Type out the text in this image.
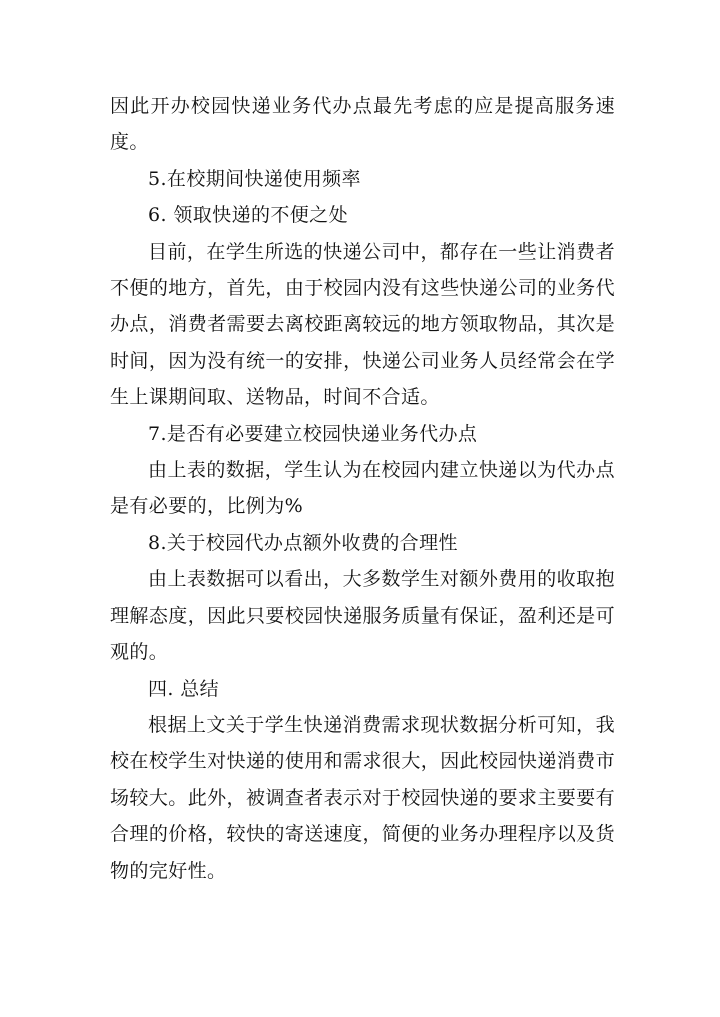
因此开办校园快递业务代办点最先考虑的应是提高服务速度。

5.在校期间快递使用频率

6. 领取快递的不便之处

目前，在学生所选的快递公司中，都存在一些让消费者不便的地方，首先，由于校园内没有这些快递公司的业务代办点，消费者需要去离校距离较远的地方领取物品，其次是时间，因为没有统一的安排，快递公司业务人员经常会在学生上课期间取、送物品，时间不合适。

7.是否有必要建立校园快递业务代办点

由上表的数据，学生认为在校园内建立快递以为代办点是有必要的，比例为%

8.关于校园代办点额外收费的合理性

由上表数据可以看出，大多数学生对额外费用的收取抱理解态度，因此只要校园快递服务质量有保证，盈利还是可观的。

四. 总结

根据上文关于学生快递消费需求现状数据分析可知，我校在校学生对快递的使用和需求很大，因此校园快递消费市场较大。此外，被调查者表示对于校园快递的要求主要要有合理的价格，较快的寄送速度，简便的业务办理程序以及货物的完好性。
